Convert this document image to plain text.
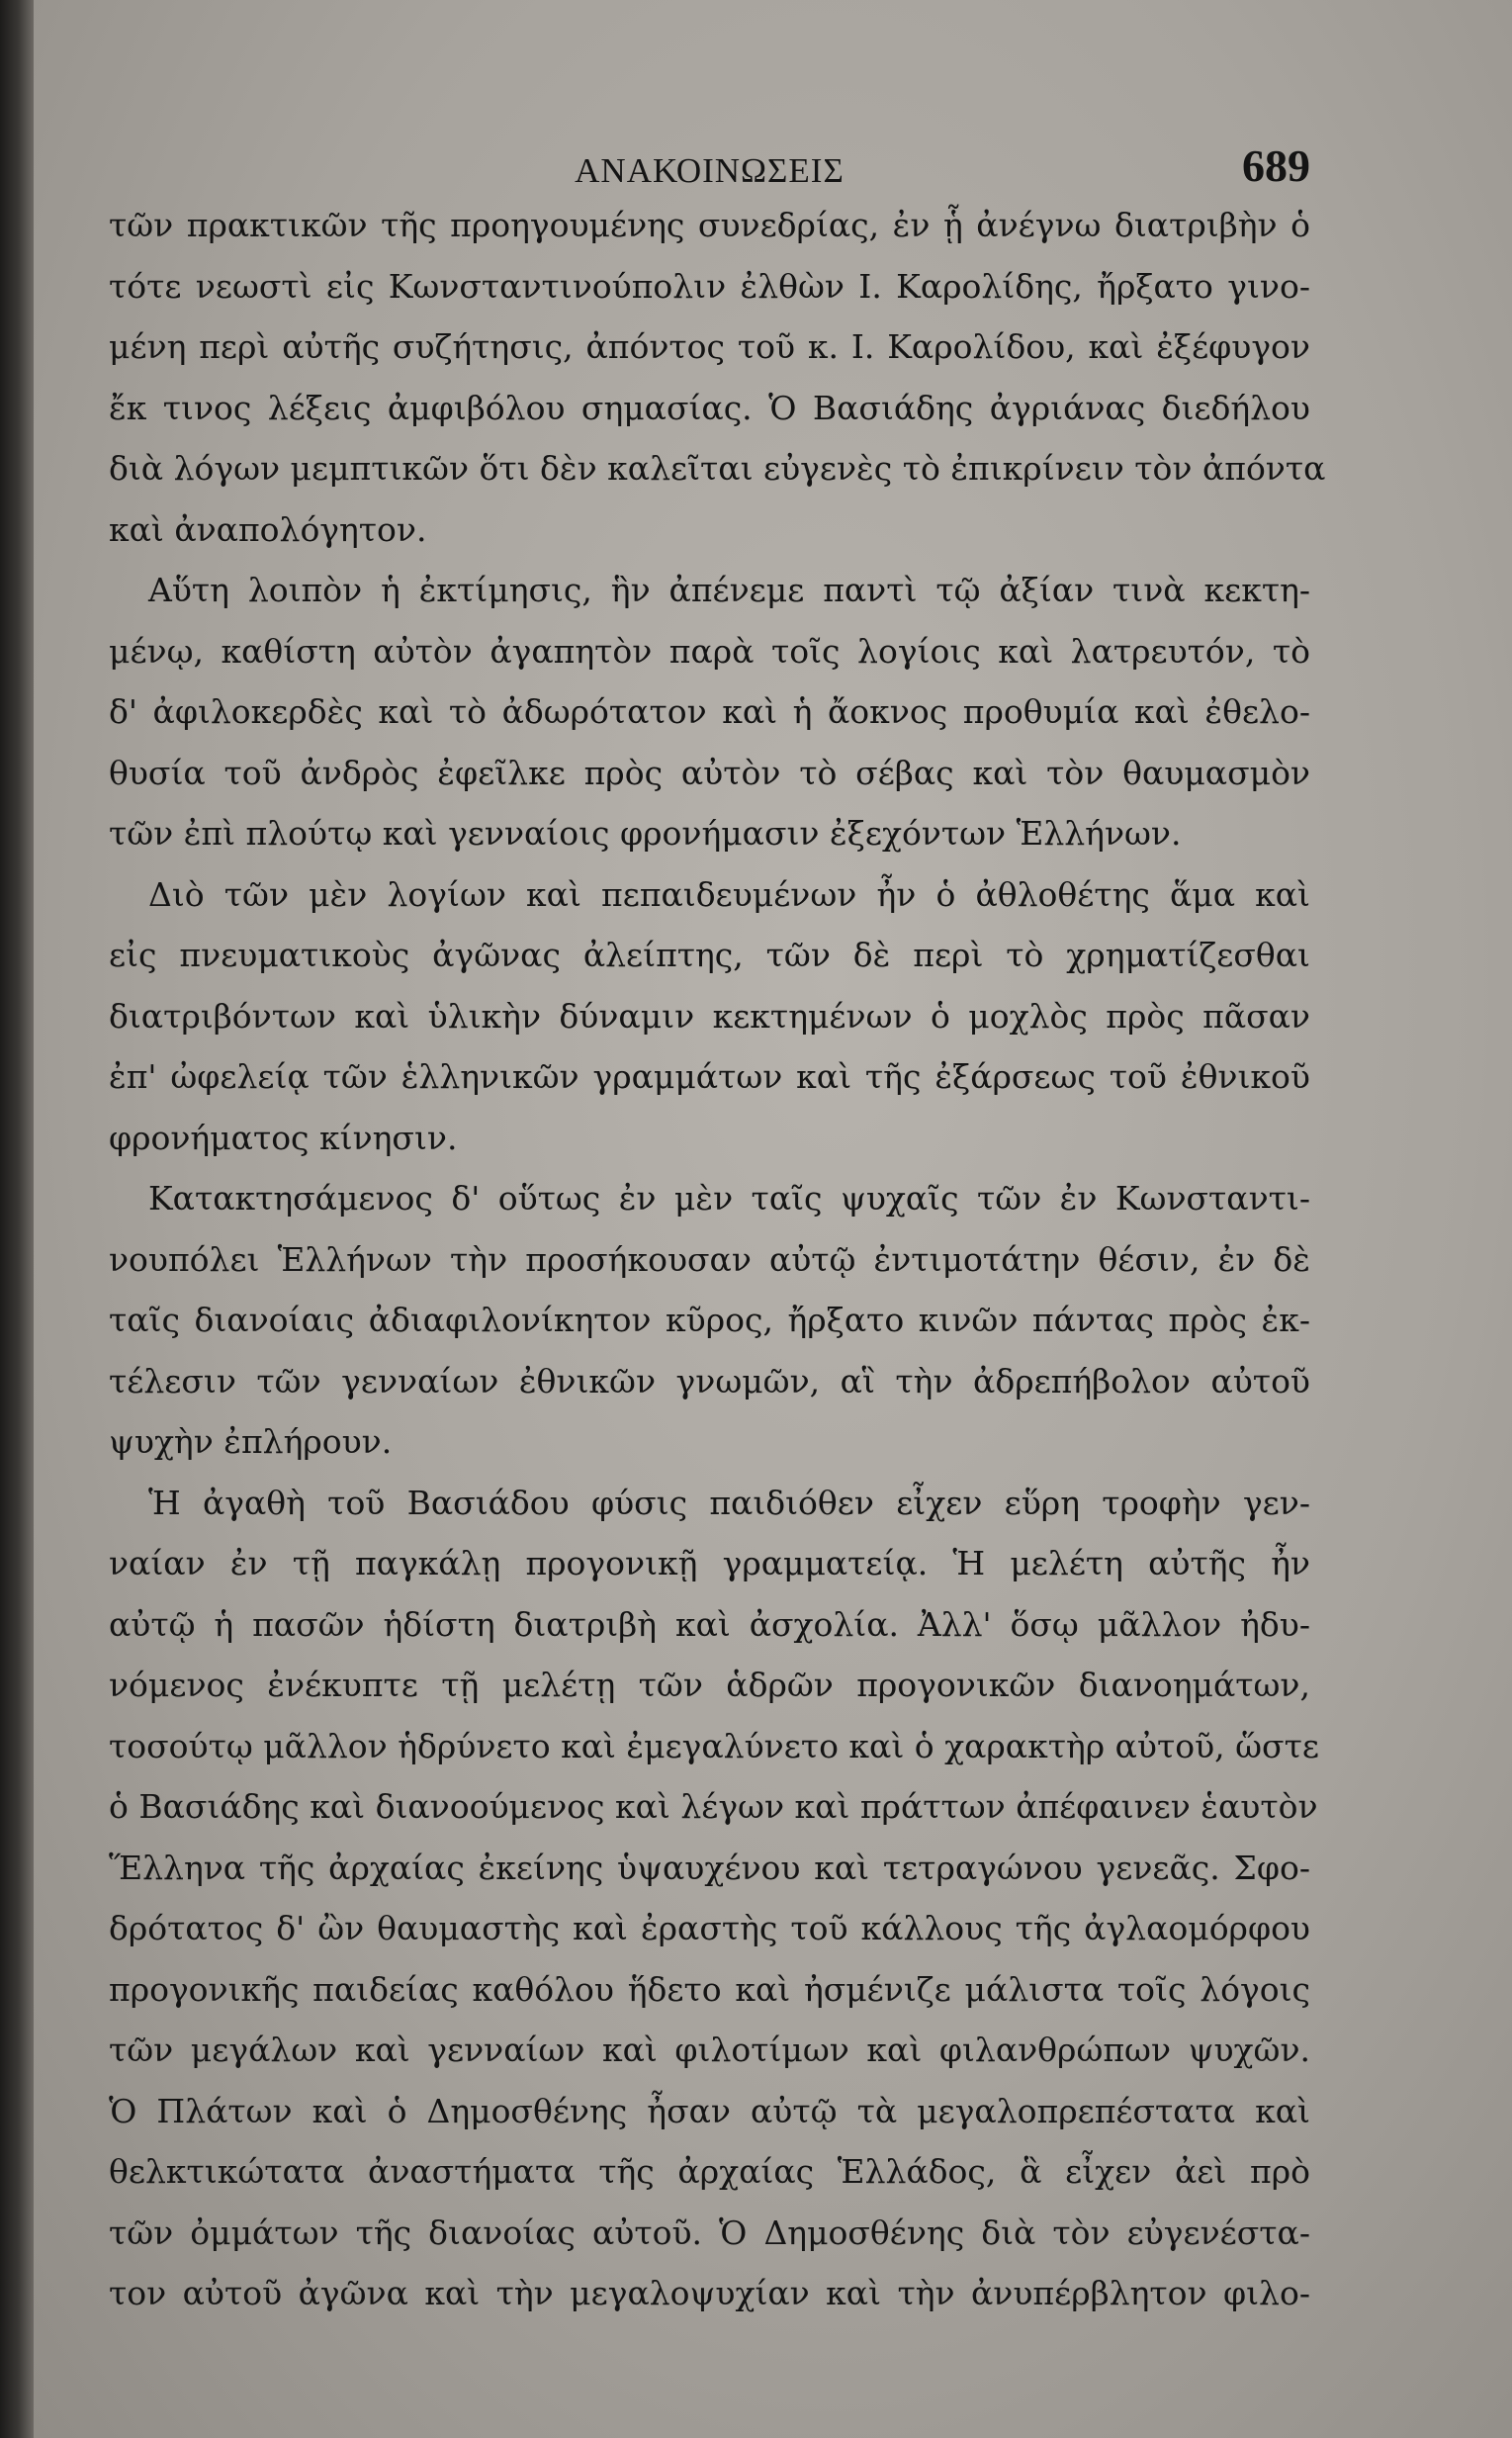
ΑΝΑΚΟΙΝΩΣΕΙΣ	689
τῶν πρακτικῶν τῆς προηγουμένης συνεδρίας, ἐν ᾗ ἀνέγνω διατριβὴν ὁ
τότε νεωστὶ εἰς Κωνσταντινούπολιν ἐλθὼν Ι. Καρολίδης, ἤρξατο γινο-
μένη περὶ αὐτῆς συζήτησις, ἀπόντος τοῦ κ. Ι. Καρολίδου, καὶ ἐξέφυγον
ἔκ τινος λέξεις ἀμφιβόλου σημασίας. Ὁ Βασιάδης ἀγριάνας διεδήλου
διὰ λόγων μεμπτικῶν ὅτι δὲν καλεῖται εὐγενὲς τὸ ἐπικρίνειν τὸν ἀπόντα
καὶ ἀναπολόγητον.
Αὕτη λοιπὸν ἡ ἐκτίμησις, ἣν ἀπένεμε παντὶ τῷ ἀξίαν τινὰ κεκτη-
μένῳ, καθίστη αὐτὸν ἀγαπητὸν παρὰ τοῖς λογίοις καὶ λατρευτόν, τὸ
δ' ἀφιλοκερδὲς καὶ τὸ ἀδωρότατον καὶ ἡ ἄοκνος προθυμία καὶ ἐθελο-
θυσία τοῦ ἀνδρὸς ἐφεῖλκε πρὸς αὐτὸν τὸ σέβας καὶ τὸν θαυμασμὸν
τῶν ἐπὶ πλούτῳ καὶ γενναίοις φρονήμασιν ἐξεχόντων Ἑλλήνων.
Διὸ τῶν μὲν λογίων καὶ πεπαιδευμένων ἦν ὁ ἀθλοθέτης ἅμα καὶ
εἰς πνευματικοὺς ἀγῶνας ἀλείπτης, τῶν δὲ περὶ τὸ χρηματίζεσθαι
διατριβόντων καὶ ὑλικὴν δύναμιν κεκτημένων ὁ μοχλὸς πρὸς πᾶσαν
ἐπ' ὠφελείᾳ τῶν ἑλληνικῶν γραμμάτων καὶ τῆς ἐξάρσεως τοῦ ἐθνικοῦ
φρονήματος κίνησιν.
Κατακτησάμενος δ' οὕτως ἐν μὲν ταῖς ψυχαῖς τῶν ἐν Κωνσταντι-
νουπόλει Ἑλλήνων τὴν προσήκουσαν αὐτῷ ἐντιμοτάτην θέσιν, ἐν δὲ
ταῖς διανοίαις ἀδιαφιλονίκητον κῦρος, ἤρξατο κινῶν πάντας πρὸς ἐκ-
τέλεσιν τῶν γενναίων ἐθνικῶν γνωμῶν, αἳ τὴν ἀδρεπήβολον αὐτοῦ
ψυχὴν ἐπλήρουν.
Ἡ ἀγαθὴ τοῦ Βασιάδου φύσις παιδιόθεν εἶχεν εὕρη τροφὴν γεν-
ναίαν ἐν τῇ παγκάλῃ προγονικῇ γραμματείᾳ. Ἡ μελέτη αὐτῆς ἦν
αὐτῷ ἡ πασῶν ἡδίστη διατριβὴ καὶ ἀσχολία. Ἀλλ' ὅσῳ μᾶλλον ἠδυ-
νόμενος ἐνέκυπτε τῇ μελέτῃ τῶν ἁδρῶν προγονικῶν διανοημάτων,
τοσούτῳ μᾶλλον ἡδρύνετο καὶ ἐμεγαλύνετο καὶ ὁ χαρακτὴρ αὐτοῦ, ὥστε
ὁ Βασιάδης καὶ διανοούμενος καὶ λέγων καὶ πράττων ἀπέφαινεν ἑαυτὸν
Ἕλληνα τῆς ἀρχαίας ἐκείνης ὑψαυχένου καὶ τετραγώνου γενεᾶς. Σφο-
δρότατος δ' ὢν θαυμαστὴς καὶ ἐραστὴς τοῦ κάλλους τῆς ἀγλαομόρφου
προγονικῆς παιδείας καθόλου ἥδετο καὶ ἠσμένιζε μάλιστα τοῖς λόγοις
τῶν μεγάλων καὶ γενναίων καὶ φιλοτίμων καὶ φιλανθρώπων ψυχῶν.
Ὁ Πλάτων καὶ ὁ Δημοσθένης ἦσαν αὐτῷ τὰ μεγαλοπρεπέστατα καὶ
θελκτικώτατα ἀναστήματα τῆς ἀρχαίας Ἑλλάδος, ἃ εἶχεν ἀεὶ πρὸ
τῶν ὀμμάτων τῆς διανοίας αὐτοῦ. Ὁ Δημοσθένης διὰ τὸν εὐγενέστα-
τον αὐτοῦ ἀγῶνα καὶ τὴν μεγαλοψυχίαν καὶ τὴν ἀνυπέρβλητον φιλο-
